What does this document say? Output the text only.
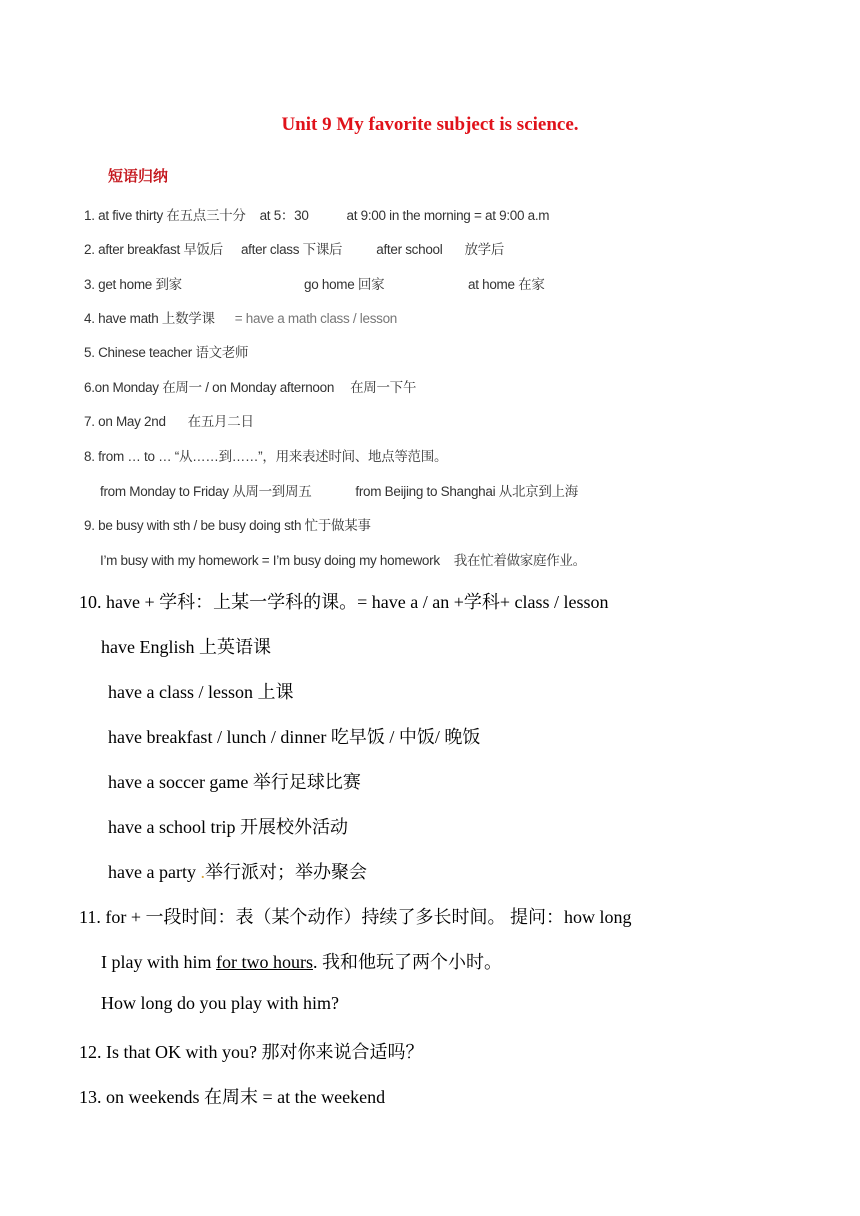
Unit 9 My favorite subject is science.
短语归纳
1. at five thirty 在五点三十分 at 5：30	at 9:00 in the morning = at 9:00 a.m
2. after breakfast 早饭后 after class 下课后	after school 放学后
3. get home 到家	go home 回家	at home 在家
4. have math 上数学课 = have a math class / lesson
5. Chinese teacher 语文老师
6.on Monday 在周一 / on Monday afternoon 在周一下午
7. on May 2nd 在五月二日
8. from … to … “从……到……”，用来表述时间、地点等范围。
from Monday to Friday 从周一到周五	from Beijing to Shanghai 从北京到上海
9. be busy with sth / be busy doing sth 忙于做某事
I’m busy with my homework = I’m busy doing my homework 我在忙着做家庭作业。
10. have + 学科：上某一学科的课。= have a / an +学科+ class / lesson
have English 上英语课
have a class / lesson 上课
have breakfast / lunch / dinner 吃早饭 / 中饭/ 晚饭
have a soccer game 举行足球比赛
have a school trip 开展校外活动
have a party .举行派对；举办聚会
11. for + 一段时间：表（某个动作）持续了多长时间。 提问：how long
I play with him for two hours. 我和他玩了两个小时。
How long do you play with him?
12. Is that OK with you? 那对你来说合适吗？
13. on weekends 在周末 = at the weekend
